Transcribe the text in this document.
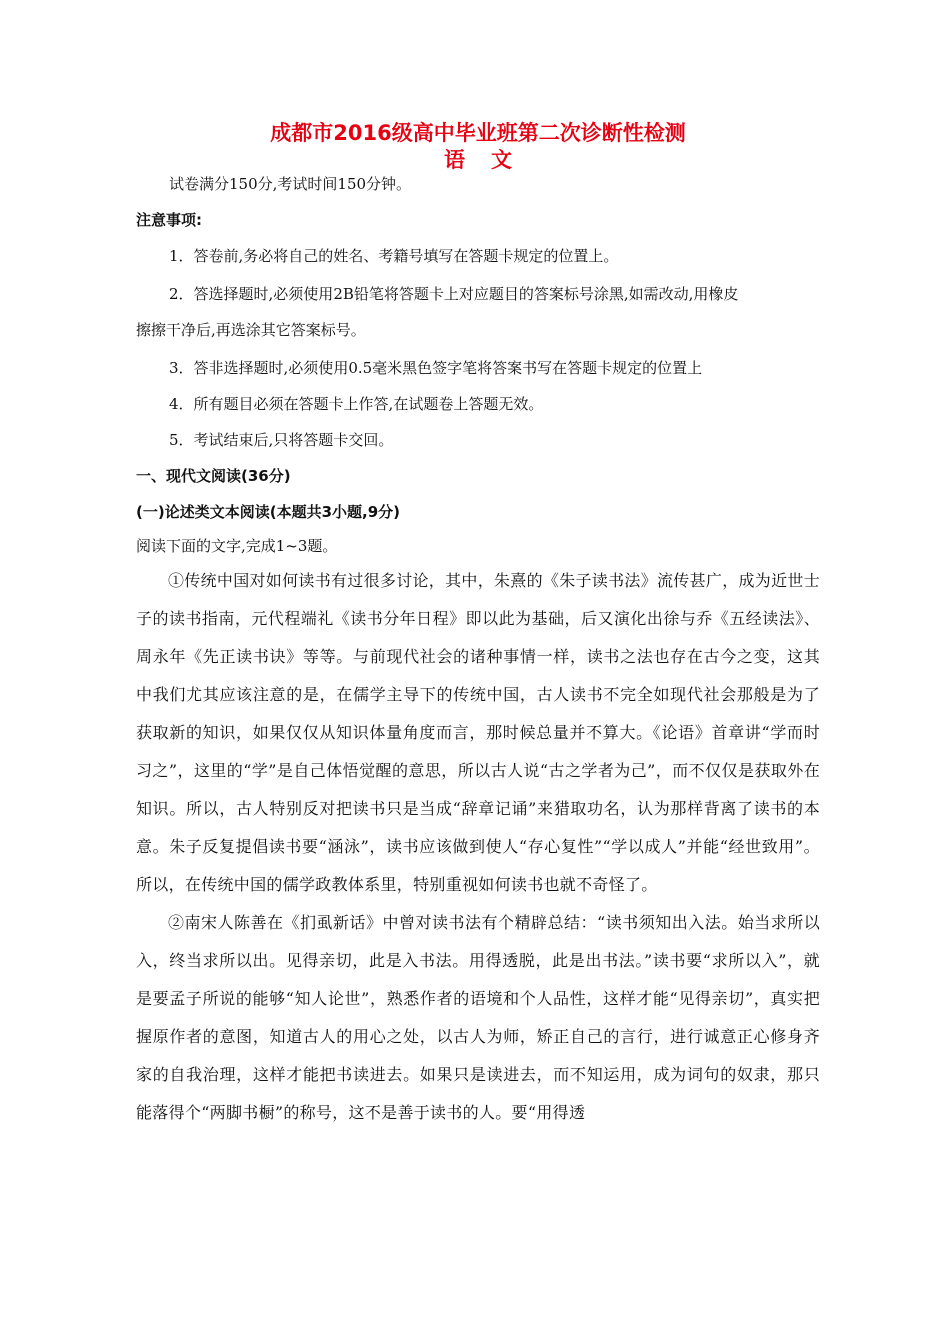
成都市2016级高中毕业班第二次诊断性检测
语文

试卷满分150分,考试时间150分钟。

注意事项:

1．答卷前,务必将自己的姓名、考籍号填写在答题卡规定的位置上。

2．答选择题时,必须使用2B铅笔将答题卡上对应题目的答案标号涂黑,如需改动,用橡皮

擦擦干净后,再选涂其它答案标号。

3．答非选择题时,必须使用0.5毫米黑色签字笔将答案书写在答题卡规定的位置上

4．所有题目必须在答题卡上作答,在试题卷上答题无效。

5．考试结束后,只将答题卡交回。

一、现代文阅读(36分)

(一)论述类文本阅读(本题共3小题,9分)

阅读下面的文字,完成1~3题。

①传统中国对如何读书有过很多讨论，其中，朱熹的《朱子读书法》流传甚广，成为近世士子的读书指南，元代程端礼《读书分年日程》即以此为基础，后又演化出徐与乔《五经读法》、周永年《先正读书诀》等等。与前现代社会的诸种事情一样，读书之法也存在古今之变，这其中我们尤其应该注意的是，在儒学主导下的传统中国，古人读书不完全如现代社会那般是为了获取新的知识，如果仅仅从知识体量角度而言，那时候总量并不算大。《论语》首章讲“学而时习之”，这里的“学”是自己体悟觉醒的意思，所以古人说“古之学者为己”，而不仅仅是获取外在知识。所以，古人特别反对把读书只是当成“辞章记诵”来猎取功名，认为那样背离了读书的本意。朱子反复提倡读书要“涵泳”，读书应该做到使人“存心复性”“学以成人”并能“经世致用”。所以，在传统中国的儒学政教体系里，特别重视如何读书也就不奇怪了。

②南宋人陈善在《扪虱新话》中曾对读书法有个精辟总结：“读书须知出入法。始当求所以入，终当求所以出。见得亲切，此是入书法。用得透脱，此是出书法。”读书要“求所以入”，就是要孟子所说的能够“知人论世”，熟悉作者的语境和个人品性，这样才能“见得亲切”，真实把握原作者的意图，知道古人的用心之处，以古人为师，矫正自己的言行，进行诚意正心修身齐家的自我治理，这样才能把书读进去。如果只是读进去，而不知运用，成为词句的奴隶，那只能落得个“两脚书橱”的称号，这不是善于读书的人。要“用得透
